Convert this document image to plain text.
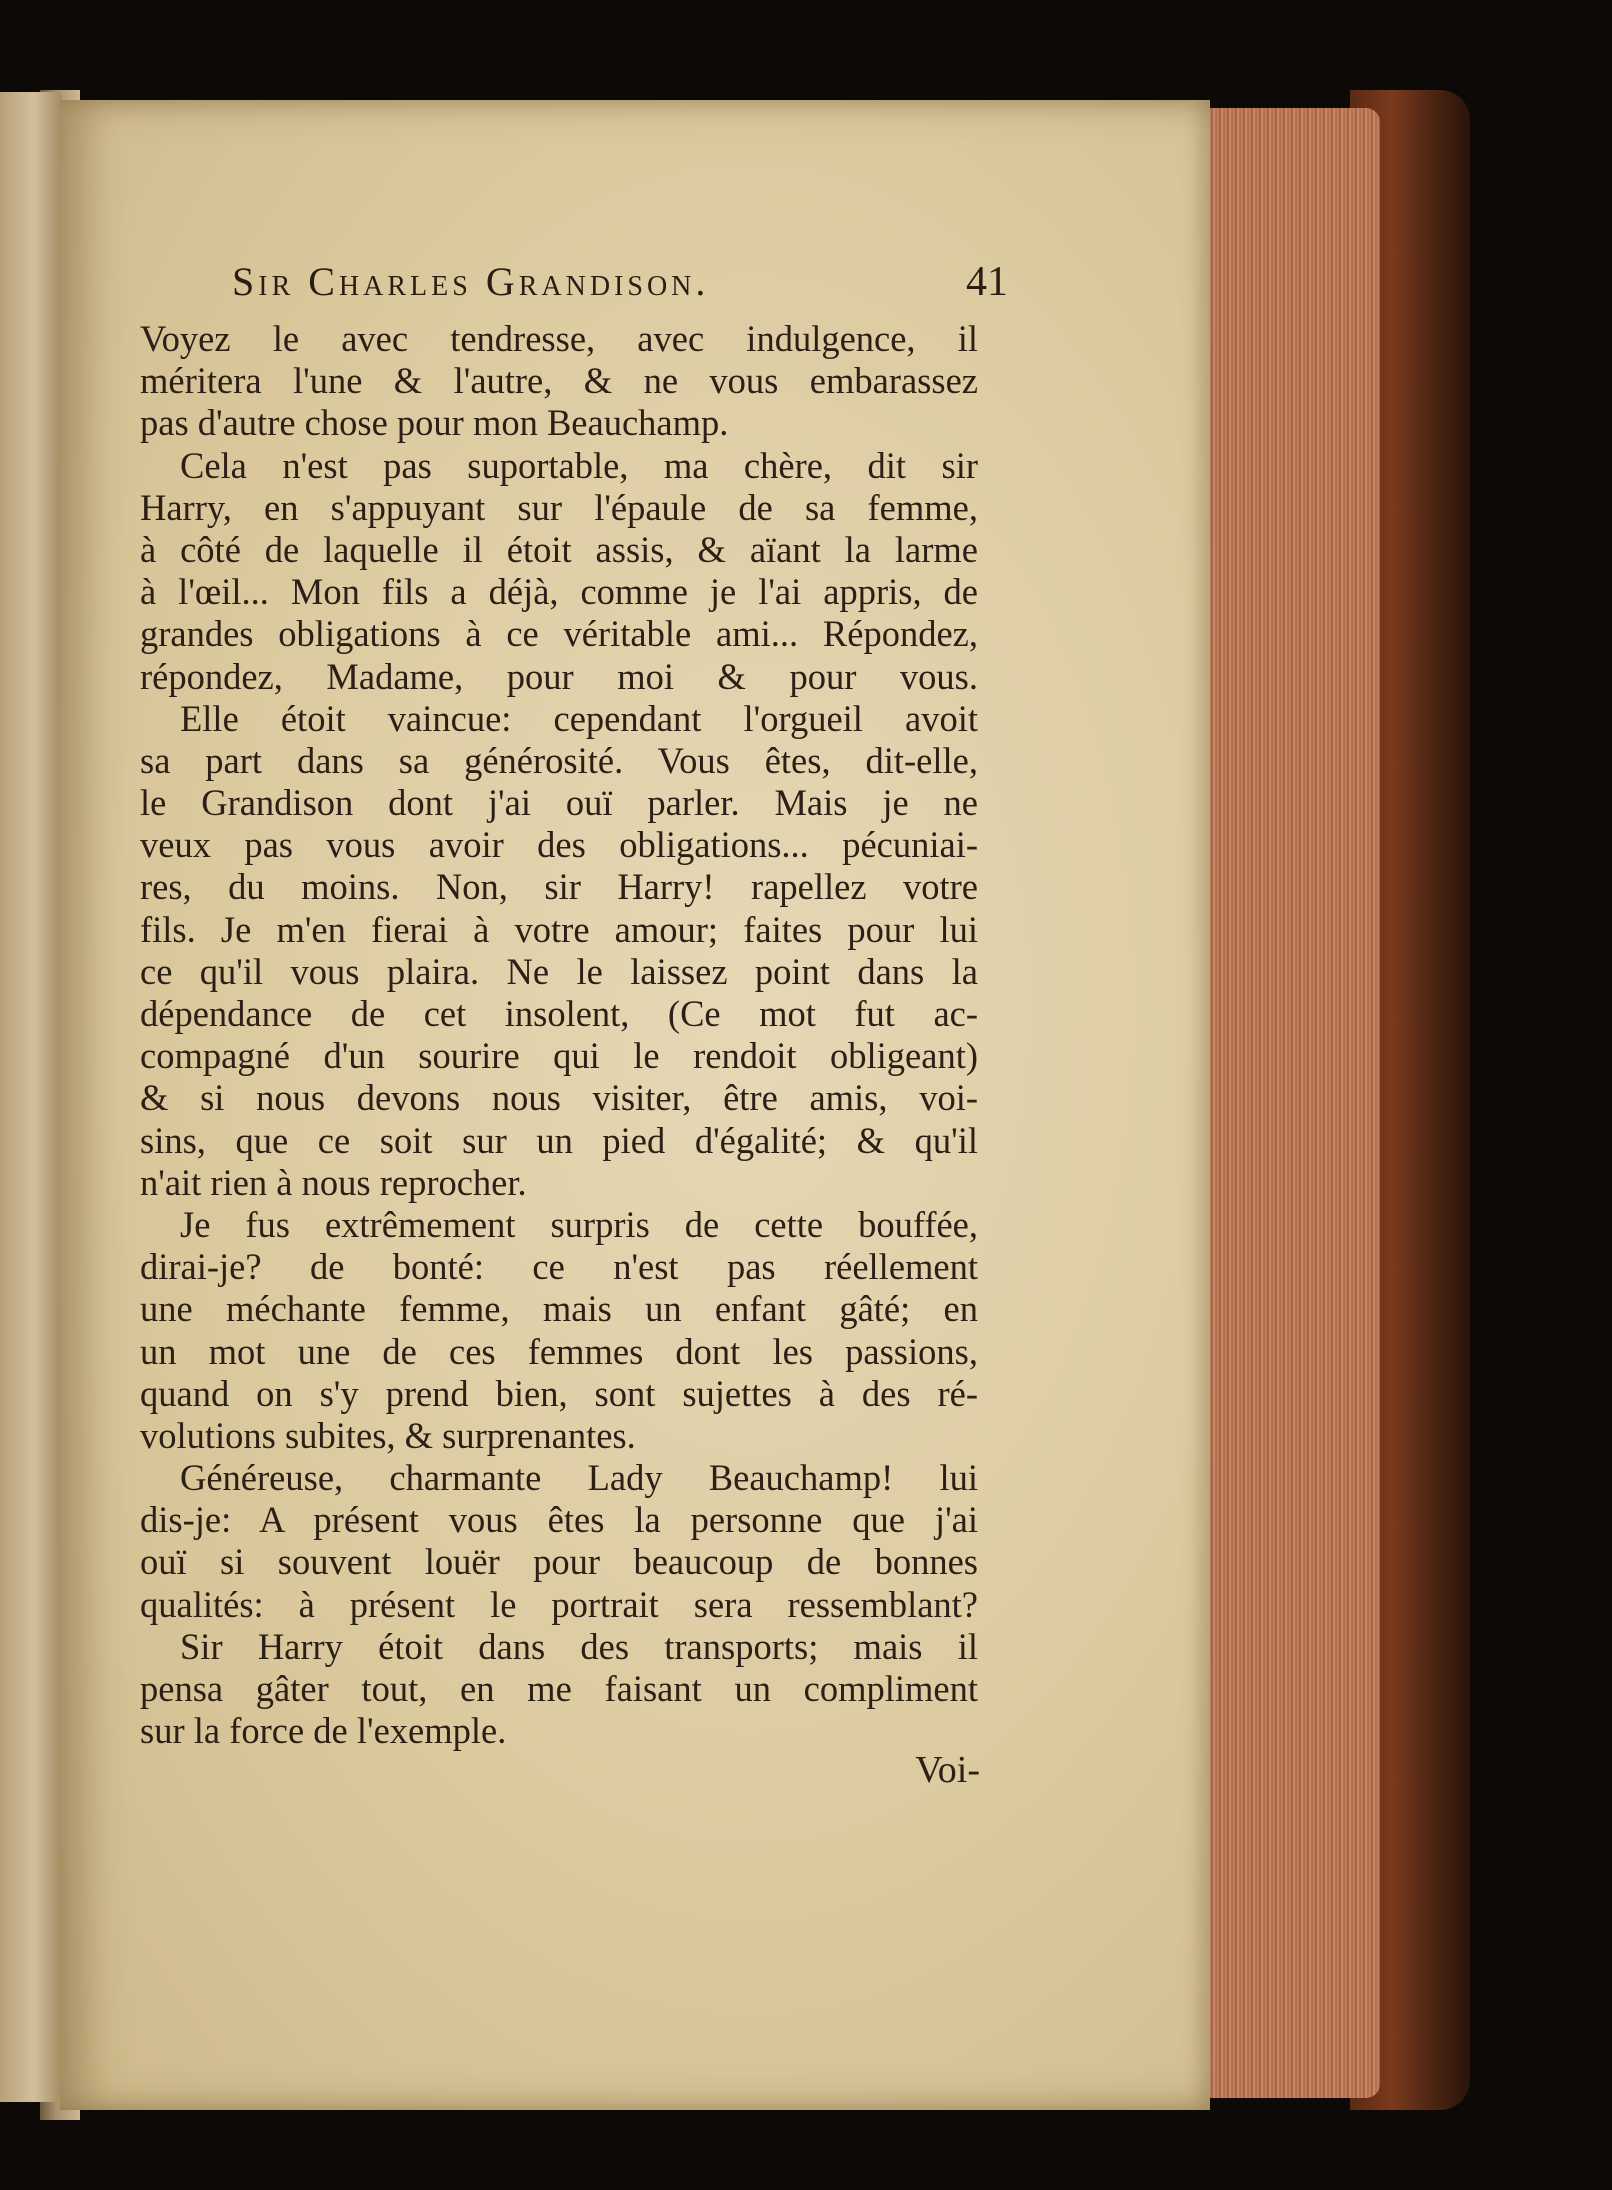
Sir Charles Grandison.	41
Voyez le avec tendresse, avec indulgence, il
méritera l'une & l'autre, & ne vous embarassez
pas d'autre chose pour mon Beauchamp.
Cela n'est pas suportable, ma chère, dit sir
Harry, en s'appuyant sur l'épaule de sa femme,
à côté de laquelle il étoit assis, & aïant la larme
à l'œil... Mon fils a déjà, comme je l'ai appris, de
grandes obligations à ce véritable ami... Répondez,
répondez, Madame, pour moi & pour vous.
Elle étoit vaincue: cependant l'orgueil avoit
sa part dans sa générosité. Vous êtes, dit-elle,
le Grandison dont j'ai ouï parler. Mais je ne
veux pas vous avoir des obligations... pécuniai-
res, du moins. Non, sir Harry! rapellez votre
fils. Je m'en fierai à votre amour; faites pour lui
ce qu'il vous plaira. Ne le laissez point dans la
dépendance de cet insolent, (Ce mot fut ac-
compagné d'un sourire qui le rendoit obligeant)
& si nous devons nous visiter, être amis, voi-
sins, que ce soit sur un pied d'égalité; & qu'il
n'ait rien à nous reprocher.
Je fus extrêmement surpris de cette bouffée,
dirai-je? de bonté: ce n'est pas réellement
une méchante femme, mais un enfant gâté; en
un mot une de ces femmes dont les passions,
quand on s'y prend bien, sont sujettes à des ré-
volutions subites, & surprenantes.
Généreuse, charmante Lady Beauchamp! lui
dis-je: A présent vous êtes la personne que j'ai
ouï si souvent louër pour beaucoup de bonnes
qualités: à présent le portrait sera ressemblant?
Sir Harry étoit dans des transports; mais il
pensa gâter tout, en me faisant un compliment
sur la force de l'exemple.
Voi-
